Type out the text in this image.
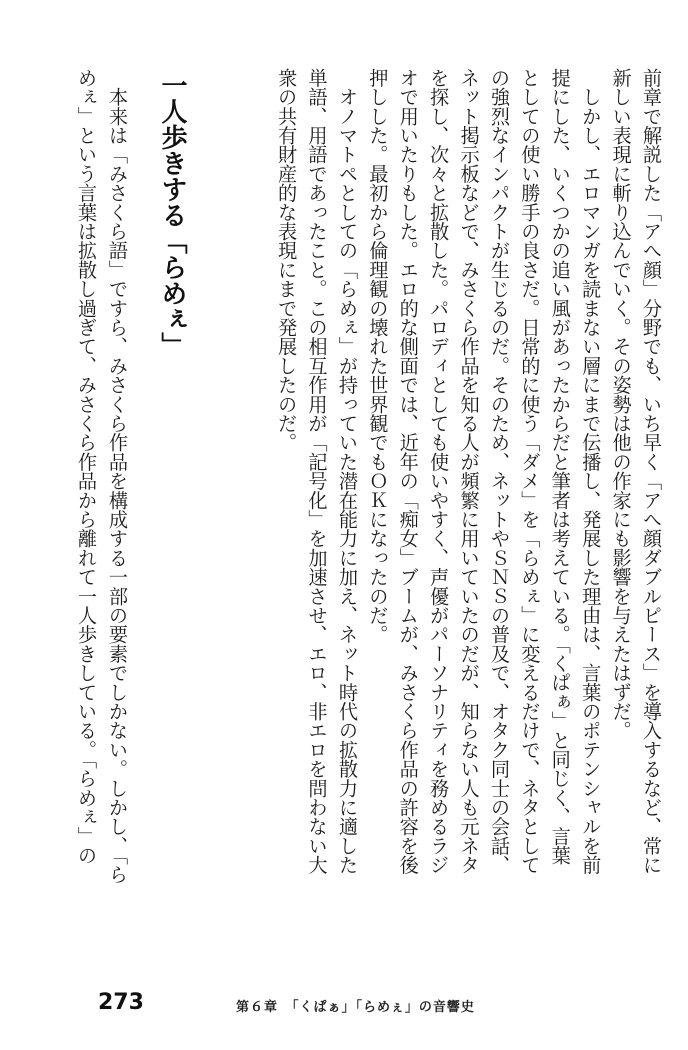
前章で解説した「アへ顔」分野でも、いち早く「アへ顔ダブルピース」を導入するなど、常に
新しい表現に斬り込んでいく。その姿勢は他の作家にも影響を与えたはずだ。
　しかし、エロマンガを読まない層にまで伝播し、発展した理由は、言葉のポテンシャルを前
提にした、いくつかの追い風があったからだと筆者は考えている。「くぱぁ」と同じく、言葉
としての使い勝手の良さだ。日常的に使う「ダメ」を「らめぇ」に変えるだけで、ネタとして
の強烈なインパクトが生じるのだ。そのため、ネットやＳＮＳの普及で、オタク同士の会話、
ネット掲示板などで、みさくら作品を知る人が頻繁に用いていたのだが、知らない人も元ネタ
を探し、次々と拡散した。パロディとしても使いやすく、声優がパーソナリティを務めるラジ
オで用いたりもした。エロ的な側面では、近年の「痴女」ブームが、みさくら作品の許容を後
押しした。最初から倫理観の壊れた世界観でもＯＫになったのだ。
　オノマトペとしての「らめぇ」が持っていた潜在能力に加え、ネット時代の拡散力に適した
単語、用語であったこと。この相互作用が「記号化」を加速させ、エロ、非エロを問わない大
衆の共有財産的な表現にまで発展したのだ。
一人歩きする「らめぇ」
　本来は「みさくら語」ですら、みさくら作品を構成する一部の要素でしかない。しかし、「ら
めぇ」という言葉は拡散し過ぎて、みさくら作品から離れて一人歩きしている。「らめぇ」の
273	第６章　「くぱぁ」「らめぇ」の音響史
